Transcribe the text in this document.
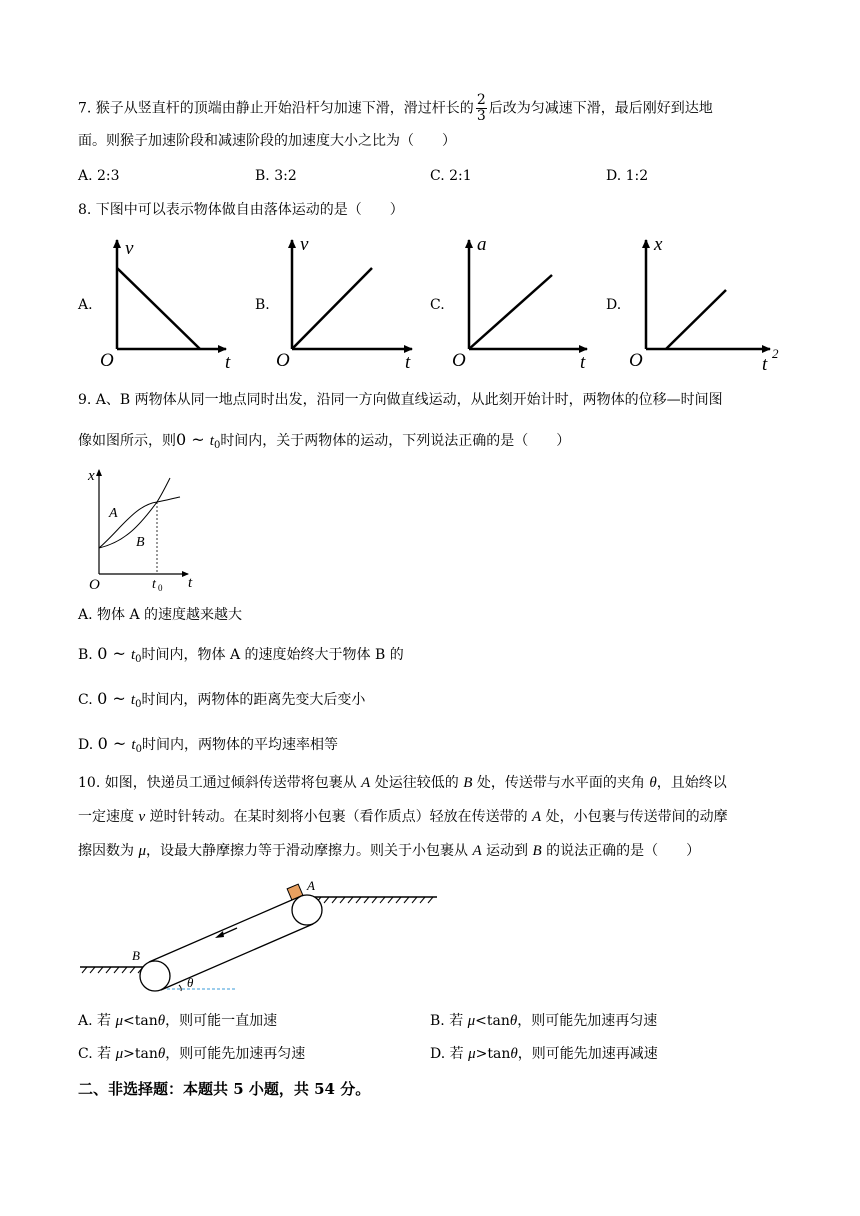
7. 猴子从竖直杆的顶端由静止开始沿杆匀加速下滑，滑过杆长的 $\frac{2}{3}$ 后改为匀减速下滑，最后刚好到达地
面。则猴子加速阶段和减速阶段的加速度大小之比为（　　）
A. 2:3	B. 3:2	C. 2:1	D. 1:2
8. 下图中可以表示物体做自由落体运动的是（　　）
A.	B.	C.	D.
v
t
O
v
t
O
a
t
O
x
t
2
O
9. A、B 两物体从同一地点同时出发，沿同一方向做直线运动，从此刻开始计时，两物体的位移—时间图
像如图所示，则0 ~ $t_0$时间内，关于两物体的运动，下列说法正确的是（　　）
x
t
O
A
B
t 0
A. 物体 A 的速度越来越大
B. 0 ~ $t_0$时间内，物体 A 的速度始终大于物体 B 的
C. 0 ~ $t_0$时间内，两物体的距离先变大后变小
D. 0 ~ $t_0$时间内，两物体的平均速率相等
10. 如图，快递员工通过倾斜传送带将包裹从 A 处运往较低的 B 处，传送带与水平面的夹角 θ，且始终以
一定速度 v 逆时针转动。在某时刻将小包裹（看作质点）轻放在传送带的 A 处，小包裹与传送带间的动摩
擦因数为 μ，设最大静摩擦力等于滑动摩擦力。则关于小包裹从 A 运动到 B 的说法正确的是（　　）
θ
A
B
A. 若 μ<tanθ，则可能一直加速	B. 若 μ<tanθ，则可能先加速再匀速
C. 若 μ>tanθ，则可能先加速再匀速	D. 若 μ>tanθ，则可能先加速再减速
二、非选择题：本题共 5 小题，共 54 分。
